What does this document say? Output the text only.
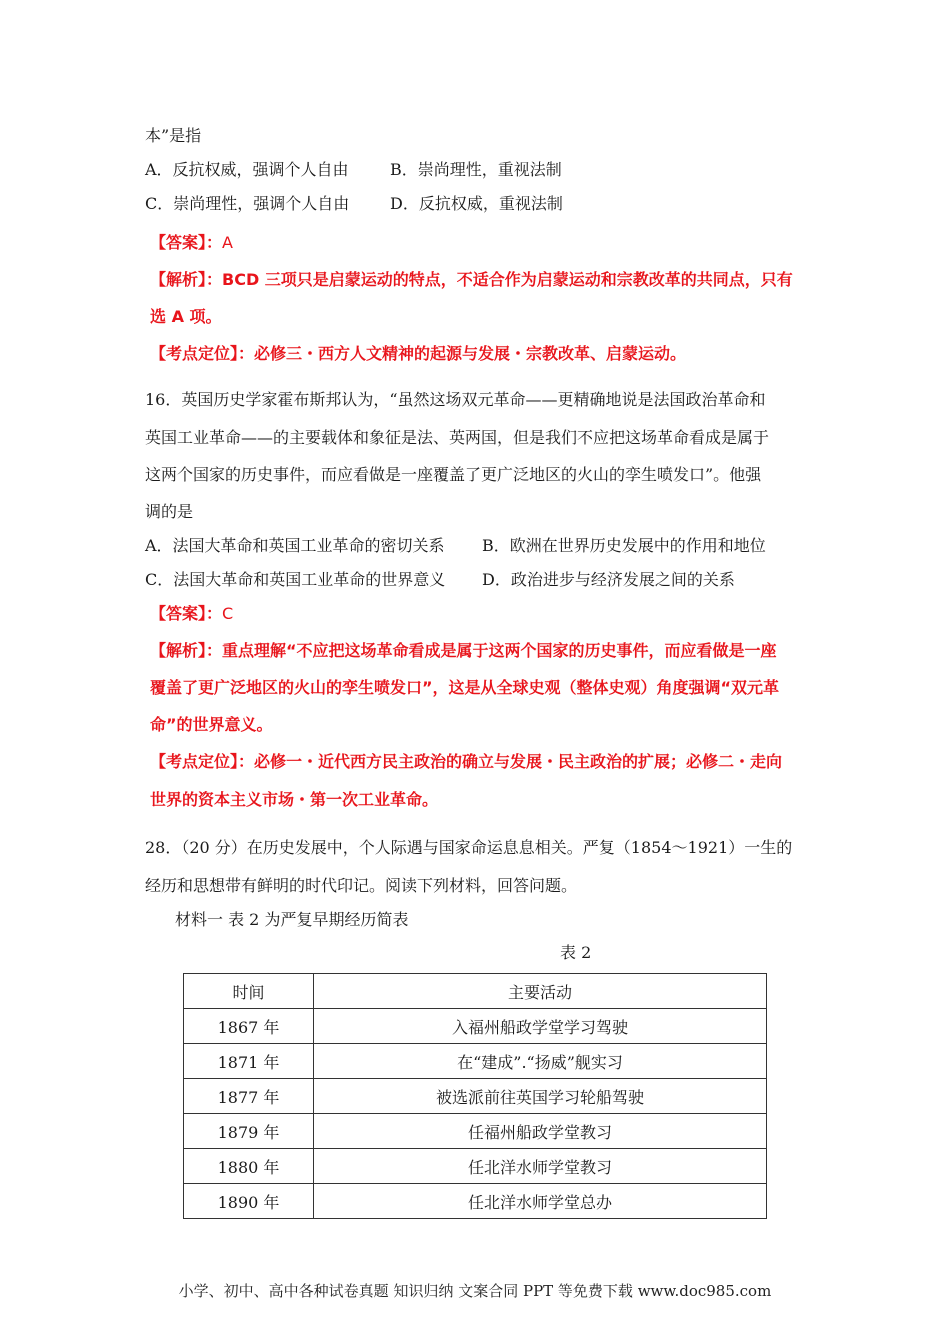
本”是指
A．反抗权威，强调个人自由	B．崇尚理性，重视法制
C．崇尚理性，强调个人自由	D．反抗权威，重视法制
【答案】：A
【解析】：BCD 三项只是启蒙运动的特点，不适合作为启蒙运动和宗教改革的共同点，只有
选 A 项。
【考点定位】：必修三・西方人文精神的起源与发展・宗教改革、启蒙运动。
16．英国历史学家霍布斯邦认为，“虽然这场双元革命——更精确地说是法国政治革命和
英国工业革命——的主要载体和象征是法、英两国，但是我们不应把这场革命看成是属于
这两个国家的历史事件，而应看做是一座覆盖了更广泛地区的火山的孪生喷发口”。他强
调的是
A．法国大革命和英国工业革命的密切关系 B．欧洲在世界历史发展中的作用和地位
C．法国大革命和英国工业革命的世界意义 D．政治进步与经济发展之间的关系
【答案】：C
【解析】：重点理解“不应把这场革命看成是属于这两个国家的历史事件，而应看做是一座
覆盖了更广泛地区的火山的孪生喷发口”，这是从全球史观（整体史观）角度强调“双元革
命”的世界意义。
【考点定位】：必修一・近代西方民主政治的确立与发展・民主政治的扩展；必修二・走向
世界的资本主义市场・第一次工业革命。
28．（20 分）在历史发展中，个人际遇与国家命运息息相关。严复（1854～1921）一生的
经历和思想带有鲜明的时代印记。阅读下列材料，回答问题。
材料一 表 2 为严复早期经历简表
表 2
时间	主要活动
1867 年	入福州船政学堂学习驾驶
1871 年	在“建成”.“扬威”舰实习
1877 年	被选派前往英国学习轮船驾驶
1879 年	任福州船政学堂教习
1880 年	任北洋水师学堂教习
1890 年	任北洋水师学堂总办
小学、初中、高中各种试卷真题 知识归纳 文案合同 PPT 等免费下载 www.doc985.com
